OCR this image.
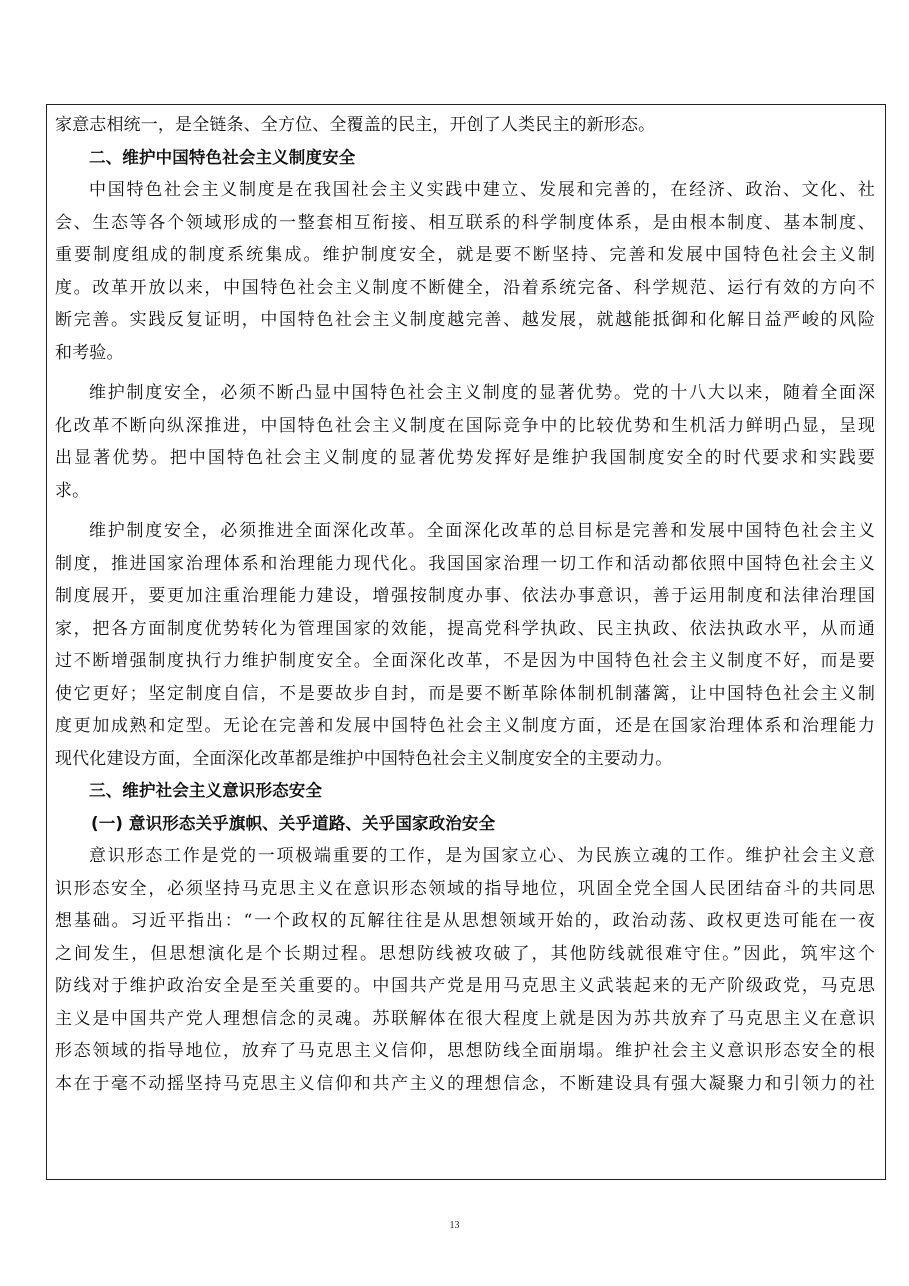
家意志相统一，是全链条、全方位、全覆盖的民主，开创了人类民主的新形态。
二、维护中国特色社会主义制度安全
中国特色社会主义制度是在我国社会主义实践中建立、发展和完善的，在经济、政治、文化、社
会、生态等各个领域形成的一整套相互衔接、相互联系的科学制度体系，是由根本制度、基本制度、
重要制度组成的制度系统集成。维护制度安全，就是要不断坚持、完善和发展中国特色社会主义制
度。改革开放以来，中国特色社会主义制度不断健全，沿着系统完备、科学规范、运行有效的方向不
断完善。实践反复证明，中国特色社会主义制度越完善、越发展，就越能抵御和化解日益严峻的风险
和考验。
维护制度安全，必须不断凸显中国特色社会主义制度的显著优势。党的十八大以来，随着全面深
化改革不断向纵深推进，中国特色社会主义制度在国际竞争中的比较优势和生机活力鲜明凸显，呈现
出显著优势。把中国特色社会主义制度的显著优势发挥好是维护我国制度安全的时代要求和实践要
求。
维护制度安全，必须推进全面深化改革。全面深化改革的总目标是完善和发展中国特色社会主义
制度，推进国家治理体系和治理能力现代化。我国国家治理一切工作和活动都依照中国特色社会主义
制度展开，要更加注重治理能力建设，增强按制度办事、依法办事意识，善于运用制度和法律治理国
家，把各方面制度优势转化为管理国家的效能，提高党科学执政、民主执政、依法执政水平，从而通
过不断增强制度执行力维护制度安全。全面深化改革，不是因为中国特色社会主义制度不好，而是要
使它更好；坚定制度自信，不是要故步自封，而是要不断革除体制机制藩篱，让中国特色社会主义制
度更加成熟和定型。无论在完善和发展中国特色社会主义制度方面，还是在国家治理体系和治理能力
现代化建设方面，全面深化改革都是维护中国特色社会主义制度安全的主要动力。
三、维护社会主义意识形态安全
(一) 意识形态关乎旗帜、关乎道路、关乎国家政治安全
意识形态工作是党的一项极端重要的工作，是为国家立心、为民族立魂的工作。维护社会主义意
识形态安全，必须坚持马克思主义在意识形态领域的指导地位，巩固全党全国人民团结奋斗的共同思
想基础。习近平指出：“一个政权的瓦解往往是从思想领域开始的，政治动荡、政权更迭可能在一夜
之间发生，但思想演化是个长期过程。思想防线被攻破了，其他防线就很难守住。”因此，筑牢这个
防线对于维护政治安全是至关重要的。中国共产党是用马克思主义武装起来的无产阶级政党，马克思
主义是中国共产党人理想信念的灵魂。苏联解体在很大程度上就是因为苏共放弃了马克思主义在意识
形态领域的指导地位，放弃了马克思主义信仰，思想防线全面崩塌。维护社会主义意识形态安全的根
本在于毫不动摇坚持马克思主义信仰和共产主义的理想信念，不断建设具有强大凝聚力和引领力的社
13
